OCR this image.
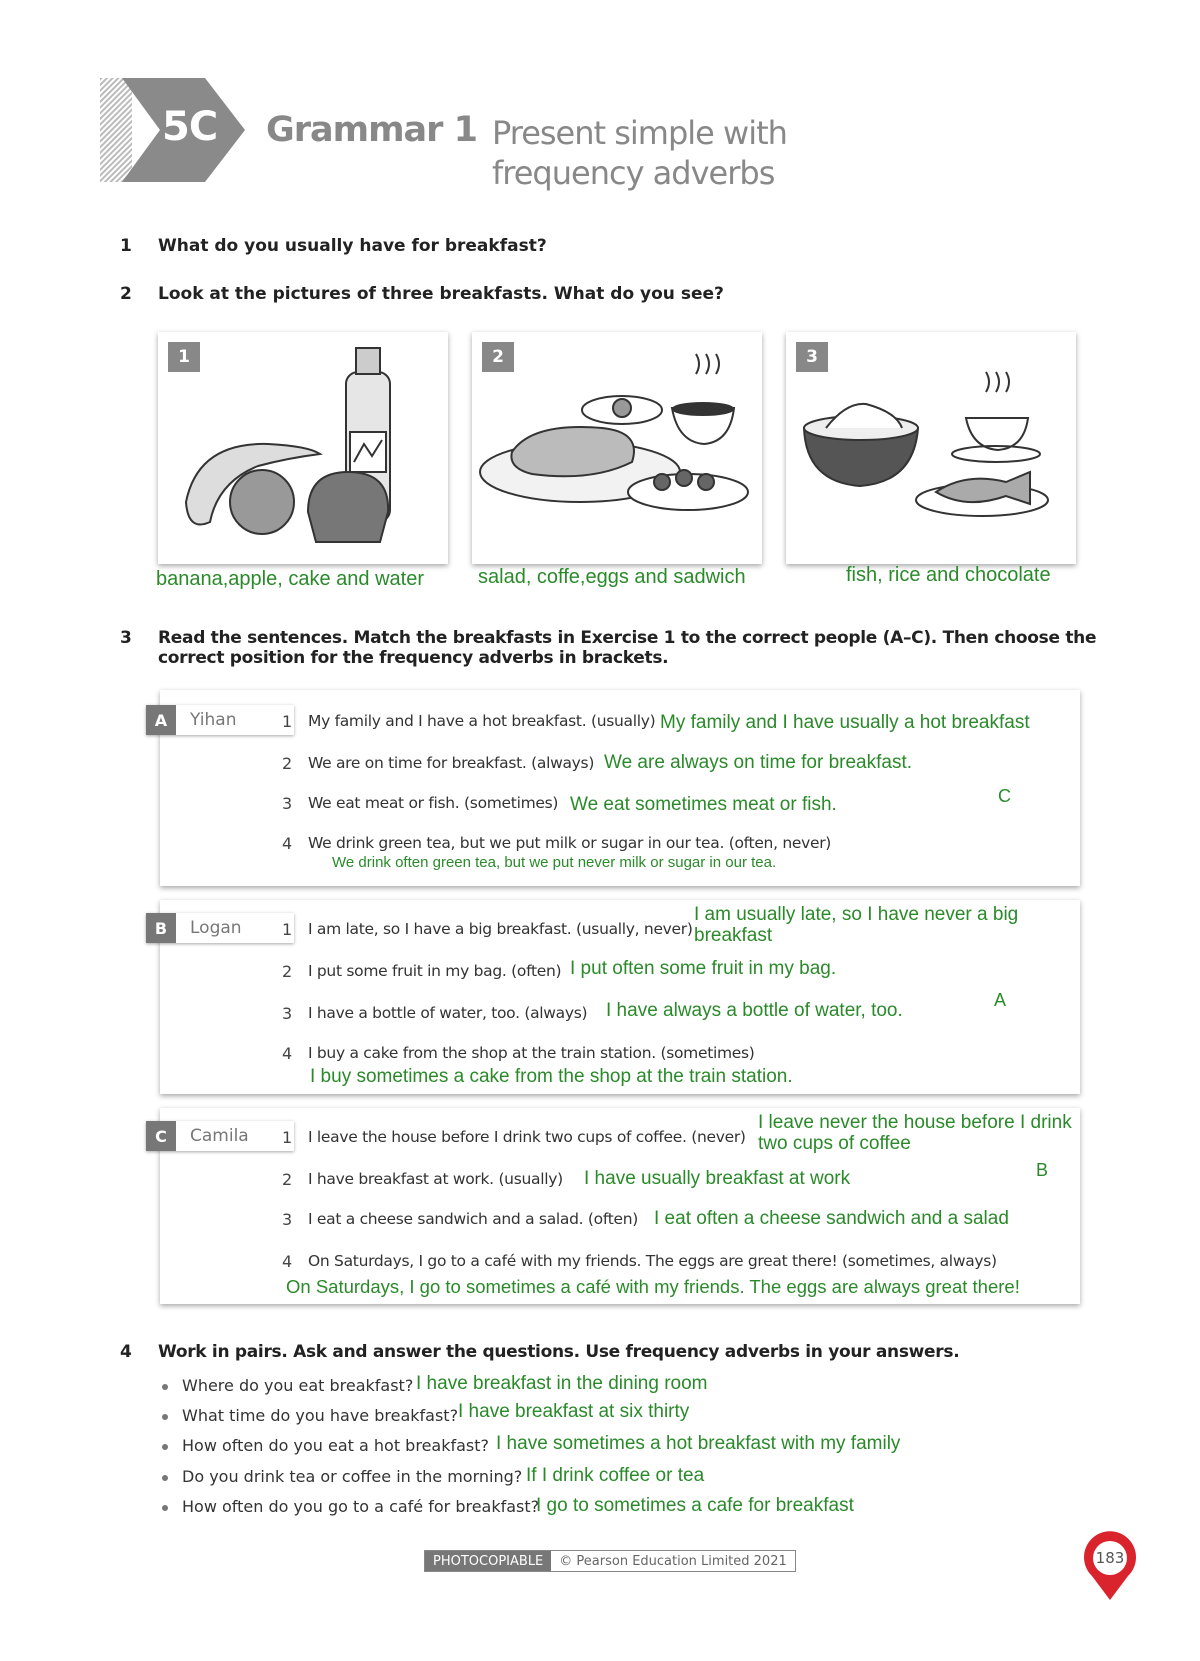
5C Grammar 1 Present simple with
frequency adverbs
1 What do you usually have for breakfast?
2 Look at the pictures of three breakfasts. What do you see?
1	2	3
banana,apple, cake and water	salad, coffe,eggs and sadwich	fish, rice and chocolate
3 Read the sentences. Match the breakfasts in Exercise 1 to the correct people (A–C). Then choose the
correct position for the frequency adverbs in brackets.
A	Yihan	1 My family and I have a hot breakfast. (usually) My family and I have usually a hot breakfast
2 We are on time for breakfast. (always) We are always on time for breakfast.
3 We eat meat or fish. (sometimes) We eat sometimes meat or fish.	C
4 We drink green tea, but we put milk or sugar in our tea. (often, never)
We drink often green tea, but we put never milk or sugar in our tea.
B	Logan	1 I am late, so I have a big breakfast. (usually, never)
I am usually late, so I have never a big
breakfast
2 I put some fruit in my bag. (often) I put often some fruit in my bag.
3 I have a bottle of water, too. (always) I have always a bottle of water, too.	A
4 I buy a cake from the shop at the train station. (sometimes)
I buy sometimes a cake from the shop at the train station.
C	Camila	1 I leave the house before I drink two cups of coffee. (never)
I leave never the house before I drink
two cups of coffee
2 I have breakfast at work. (usually) I have usually breakfast at work	B
3 I eat a cheese sandwich and a salad. (often) I eat often a cheese sandwich and a salad
4 On Saturdays, I go to a café with my friends. The eggs are great there! (sometimes, always)
On Saturdays, I go to sometimes a café with my friends. The eggs are always great there!
4 Work in pairs. Ask and answer the questions. Use frequency adverbs in your answers.
Where do you eat breakfast? I have breakfast in the dining room
What time do you have breakfast? I have breakfast at six thirty
How often do you eat a hot breakfast? I have sometimes a hot breakfast with my family
Do you drink tea or coffee in the morning? If I drink coffee or tea
How often do you go to a café for breakfast?
I go to sometimes a cafe for breakfast
PHOTOCOPIABLE	© Pearson Education Limited 2021	183
